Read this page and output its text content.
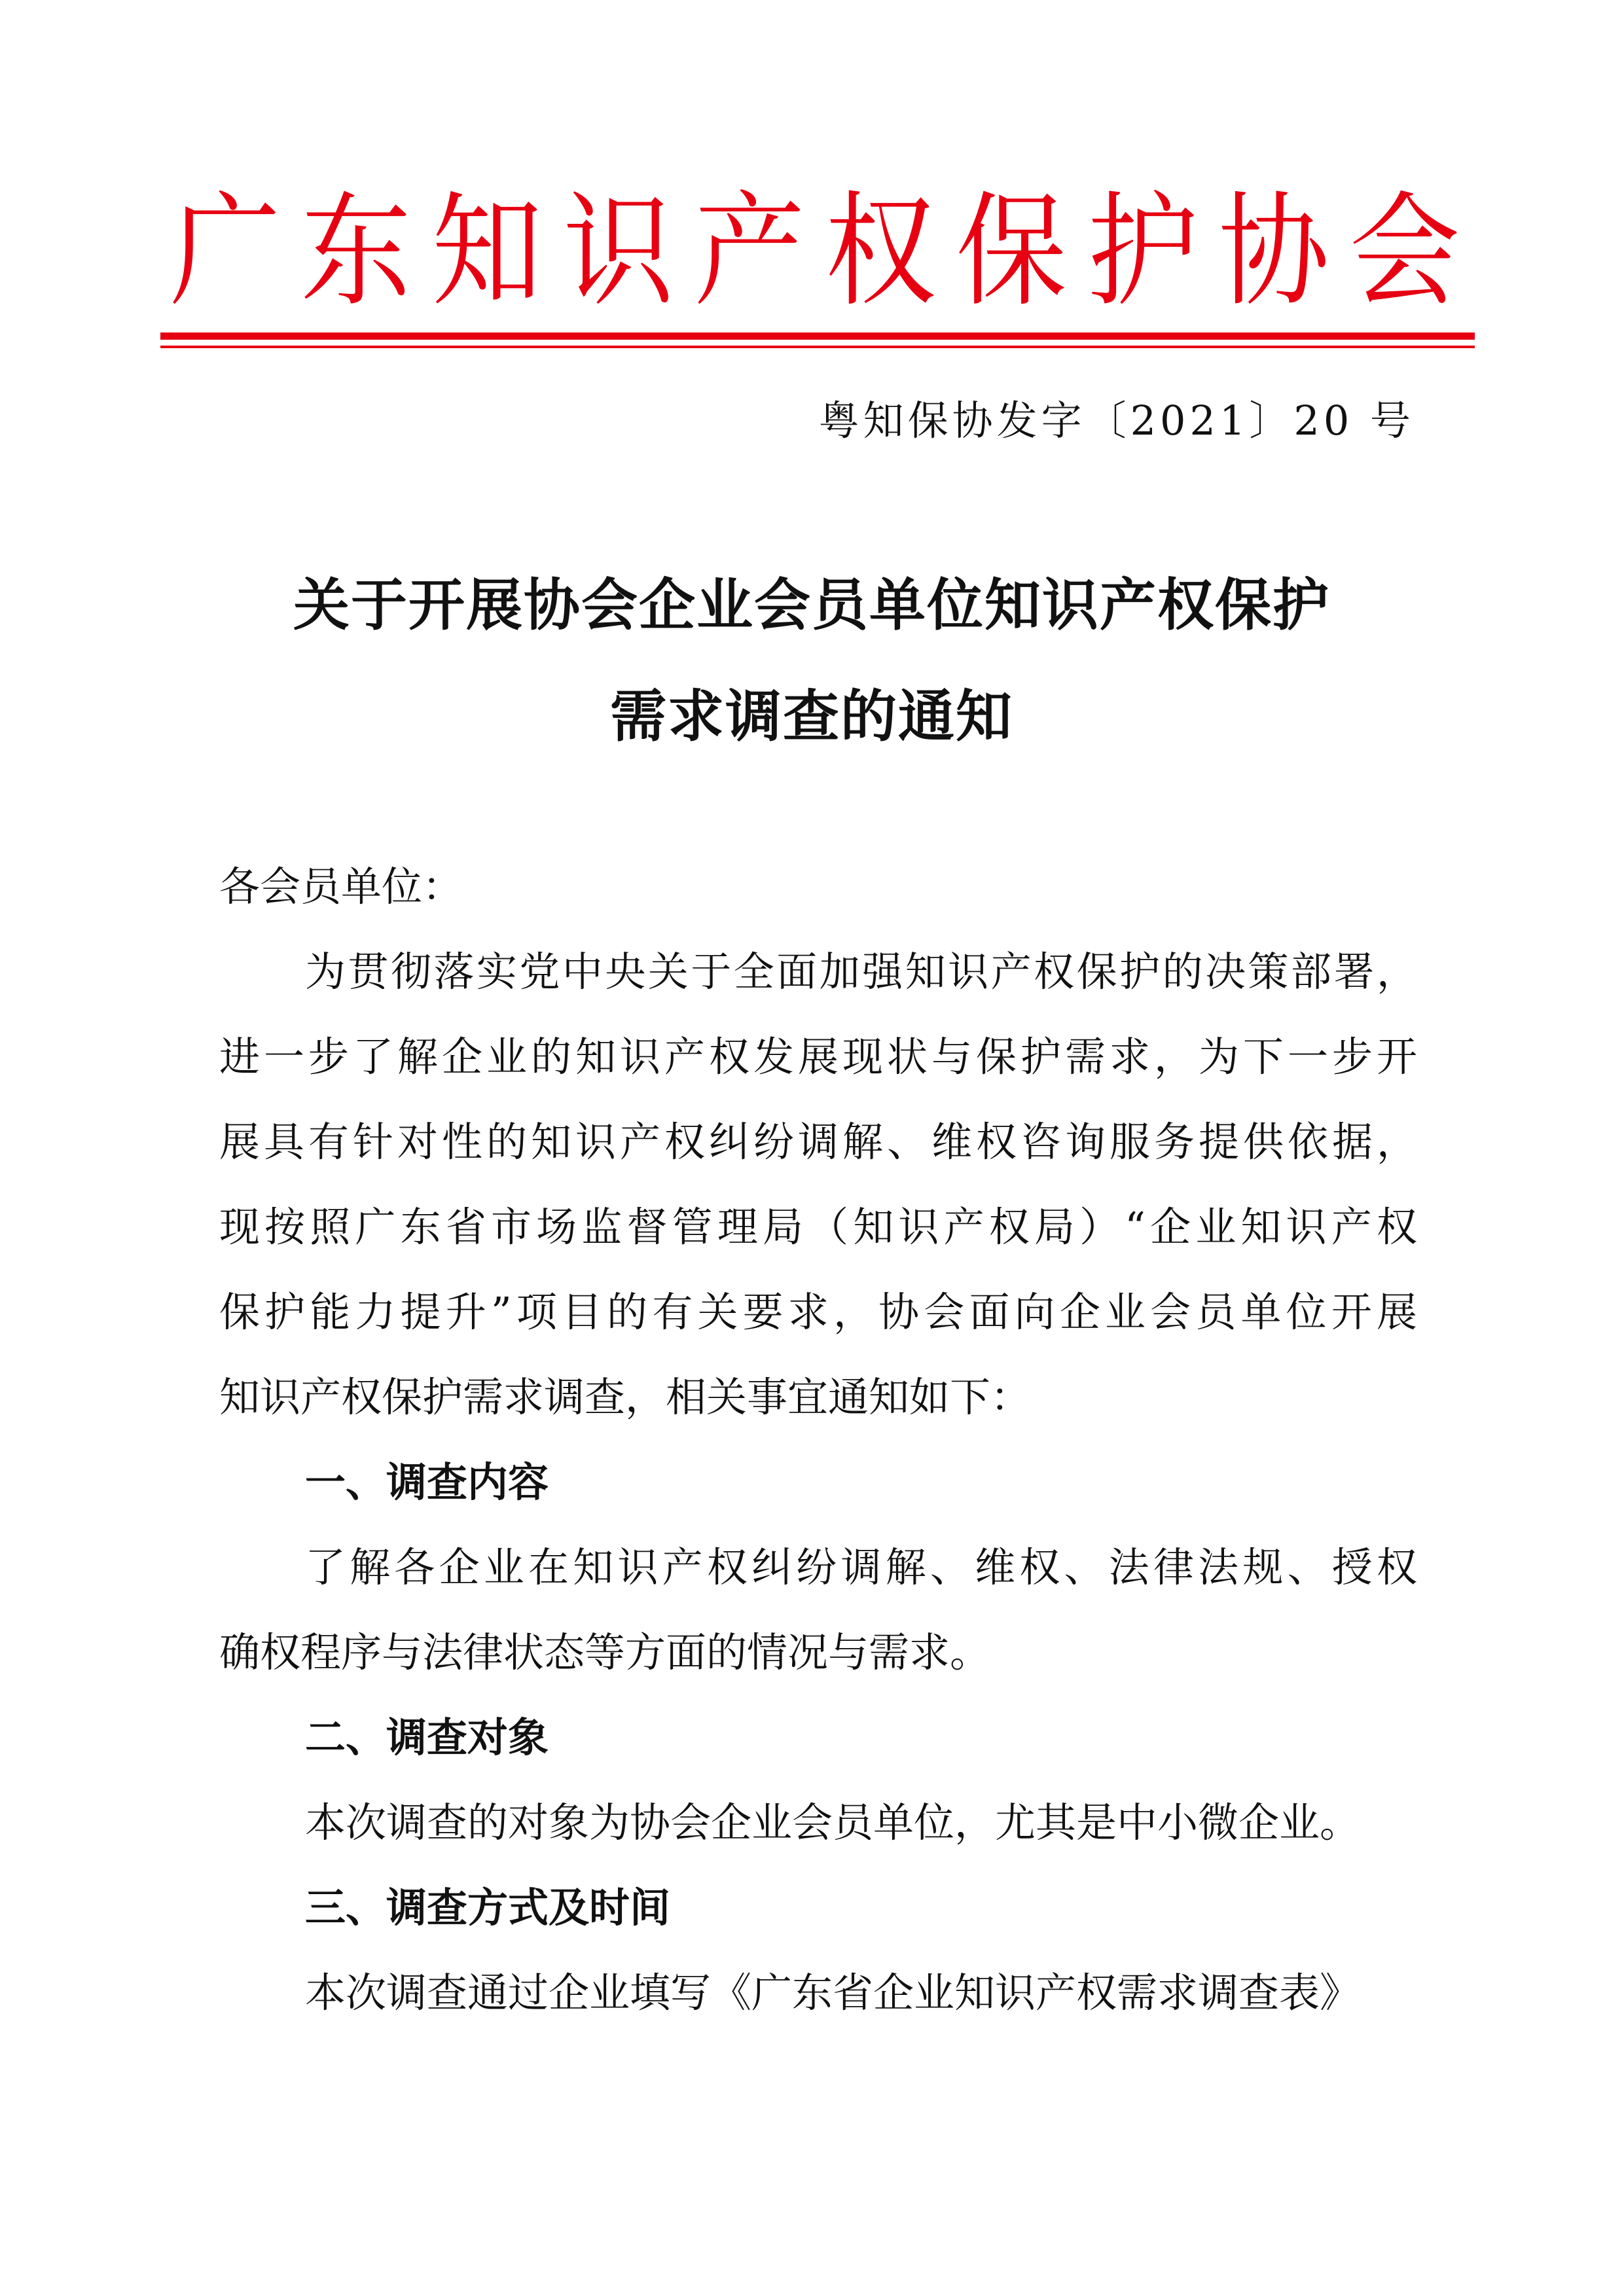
广 东 知 识 产 权 保 护 协 会
粤知保协发字〔2021〕20 号
关于开展协会企业会员单位知识产权保护
需求调查的通知
各会员单位：
为贯彻落实党中央关于全面加强知识产权保护的决策部署，
进一步了解企业的知识产权发展现状与保护需求，为下一步开
展具有针对性的知识产权纠纷调解、维权咨询服务提供依据，
现按照广东省市场监督管理局（知识产权局）“企业知识产权
保护能力提升”项目的有关要求，协会面向企业会员单位开展
知识产权保护需求调查，相关事宜通知如下：
一、调查内容
了解各企业在知识产权纠纷调解、维权、法律法规、授权
确权程序与法律状态等方面的情况与需求。
二、调查对象
本次调查的对象为协会企业会员单位，尤其是中小微企业。
三、调查方式及时间
本次调查通过企业填写《广东省企业知识产权需求调查表》
